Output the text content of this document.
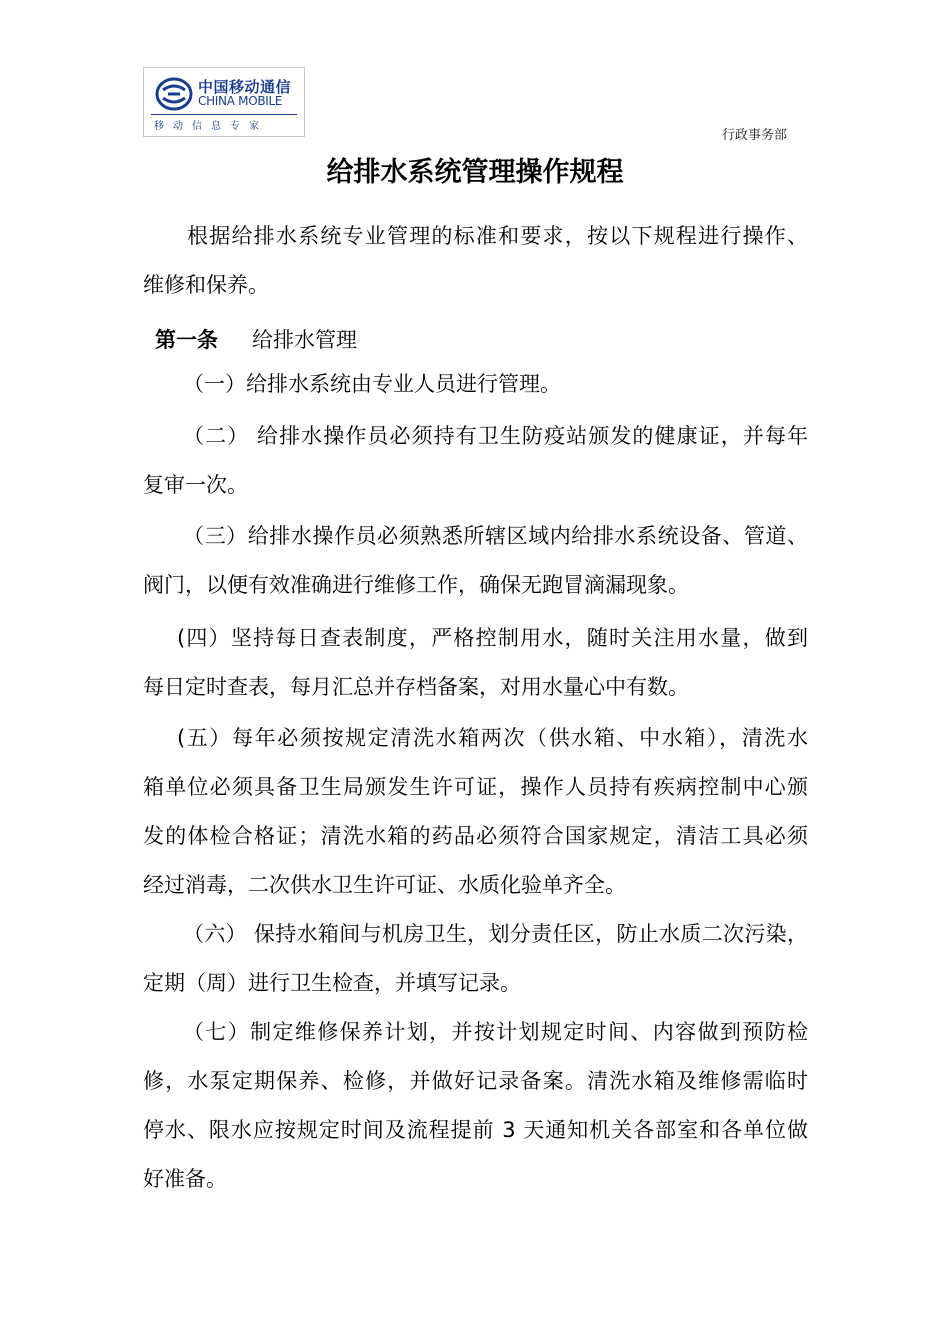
中国移动通信
CHINA MOBILE
移动信息专家
行政事务部
给排水系统管理操作规程
根据给排水系统专业管理的标准和要求，按以下规程进行操作、
维修和保养。
第一条 给排水管理
（一）给排水系统由专业人员进行管理。
（二） 给排水操作员必须持有卫生防疫站颁发的健康证，并每年
复审一次。
（三）给排水操作员必须熟悉所辖区域内给排水系统设备、管道、
阀门，以便有效准确进行维修工作，确保无跑冒滴漏现象。
(四）坚持每日查表制度，严格控制用水，随时关注用水量，做到
每日定时查表，每月汇总并存档备案，对用水量心中有数。
(五）每年必须按规定清洗水箱两次（供水箱、中水箱），清洗水
箱单位必须具备卫生局颁发生许可证，操作人员持有疾病控制中心颁
发的体检合格证；清洗水箱的药品必须符合国家规定，清洁工具必须
经过消毒，二次供水卫生许可证、水质化验单齐全。
（六） 保持水箱间与机房卫生，划分责任区，防止水质二次污染，
定期（周）进行卫生检查，并填写记录。
（七）制定维修保养计划，并按计划规定时间、内容做到预防检
修，水泵定期保养、检修，并做好记录备案。清洗水箱及维修需临时
停水、限水应按规定时间及流程提前 3 天通知机关各部室和各单位做
好准备。
